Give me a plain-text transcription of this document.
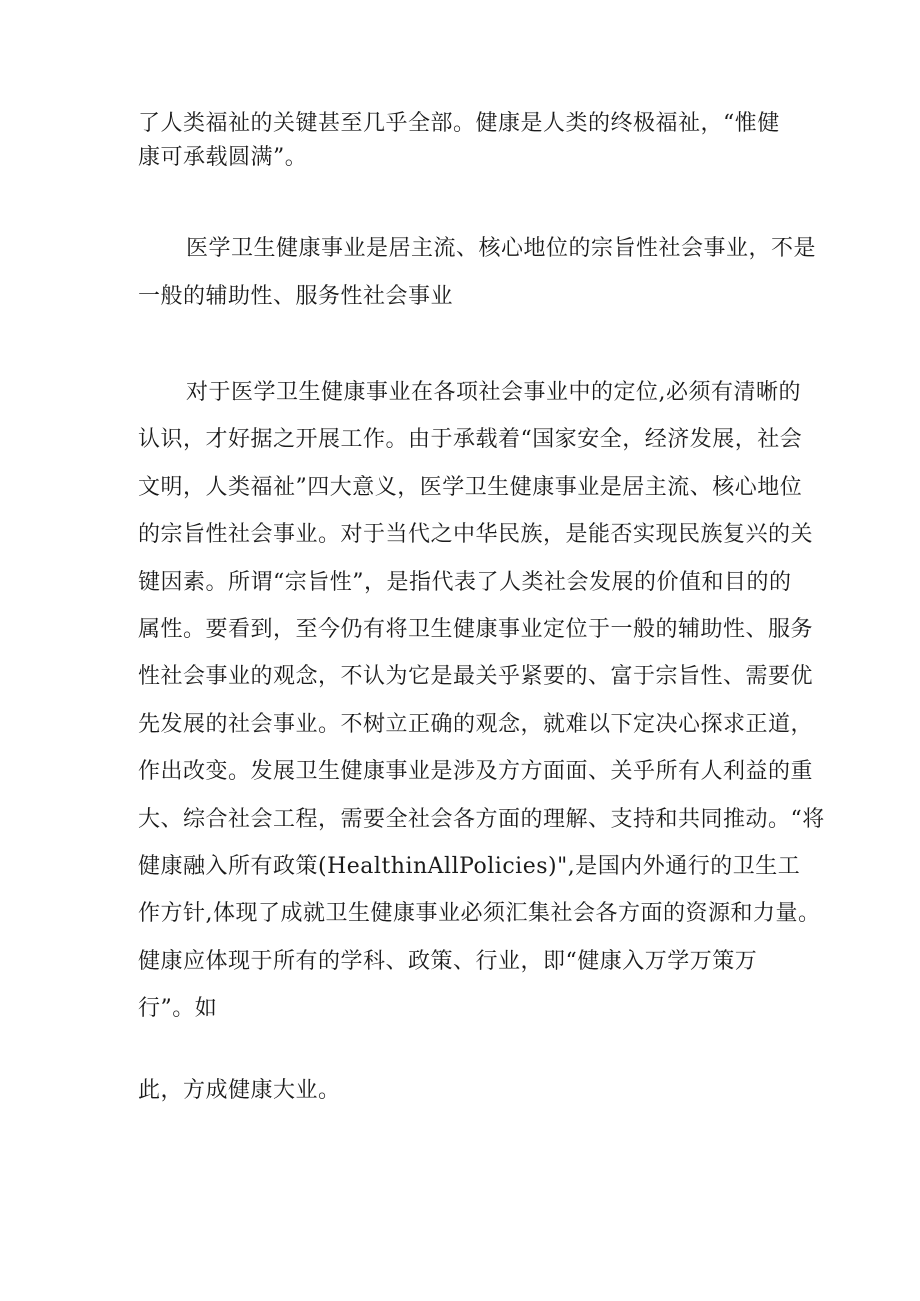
了人类福祉的关键甚至几乎全部。健康是人类的终极福祉，“惟健
康可承载圆满”。
医学卫生健康事业是居主流、核心地位的宗旨性社会事业，不是
一般的辅助性、服务性社会事业
对于医学卫生健康事业在各项社会事业中的定位,必须有清晰的
认识，才好据之开展工作。由于承载着“国家安全，经济发展，社会
文明，人类福祉”四大意义，医学卫生健康事业是居主流、核心地位
的宗旨性社会事业。对于当代之中华民族，是能否实现民族复兴的关
键因素。所谓“宗旨性”，是指代表了人类社会发展的价值和目的的
属性。要看到，至今仍有将卫生健康事业定位于一般的辅助性、服务
性社会事业的观念，不认为它是最关乎紧要的、富于宗旨性、需要优
先发展的社会事业。不树立正确的观念，就难以下定决心探求正道，
作出改变。发展卫生健康事业是涉及方方面面、关乎所有人利益的重
大、综合社会工程，需要全社会各方面的理解、支持和共同推动。“将
健康融入所有政策(HealthinAllPolicies)",是国内外通行的卫生工
作方针,体现了成就卫生健康事业必须汇集社会各方面的资源和力量。
健康应体现于所有的学科、政策、行业，即“健康入万学万策万
行”。如
此，方成健康大业。
